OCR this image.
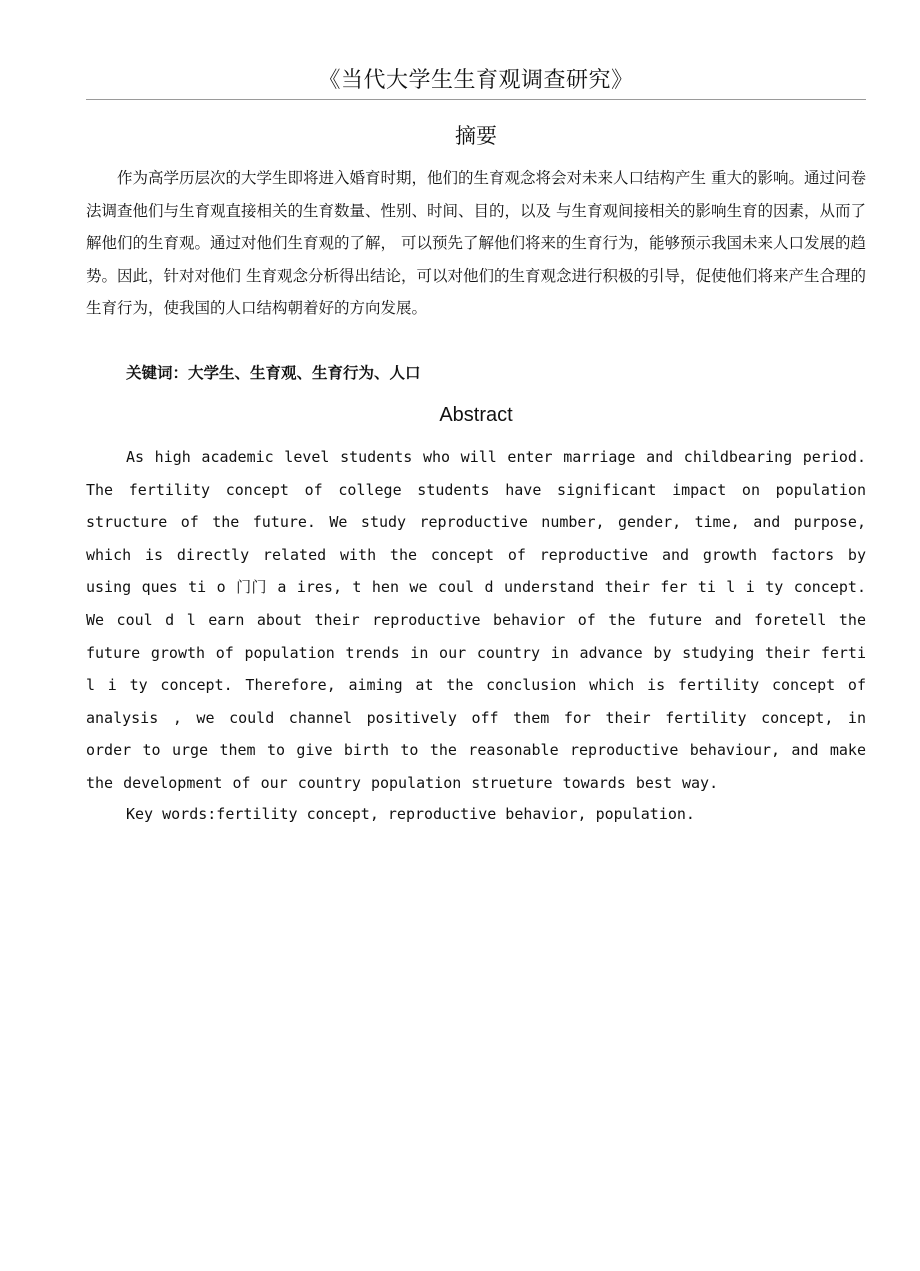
《当代大学生生育观调查研究》
摘要

作为高学历层次的大学生即将进入婚育时期，他们的生育观念将会对未来人口结构产生 重大的影响。通过问卷法调查他们与生育观直接相关的生育数量、性别、时间、目的，以及 与生育观间接相关的影响生育的因素，从而了解他们的生育观。通过对他们生育观的了解， 可以预先了解他们将来的生育行为，能够预示我国未来人口发展的趋势。因此，针对对他们 生育观念分析得出结论，可以对他们的生育观念进行积极的引导，促使他们将来产生合理的 生育行为，使我国的人口结构朝着好的方向发展。

关键词：大学生、生育观、生育行为、人口
Abstract

As high academic level students who will enter marriage and childbearing period. The fertility concept of college students have significant impact on population structure of the future. We study reproductive number, gender, time, and purpose, which is directly related with the concept of reproductive and growth factors by using ques ti o 门门 a ires, t hen we coul d understand their fer ti l i ty concept. We coul d l earn about their reproductive behavior of the future and foretell the future growth of population trends in our country in advance by studying their ferti l i ty concept. Therefore, aiming at the conclusion which is fertility concept of analysis , we could channel positively off them for their fertility concept, in order to urge them to give birth to the reasonable reproductive behaviour, and make the development of our country population strueture towards best way.

Key words:fertility concept, reproductive behavior, population.
